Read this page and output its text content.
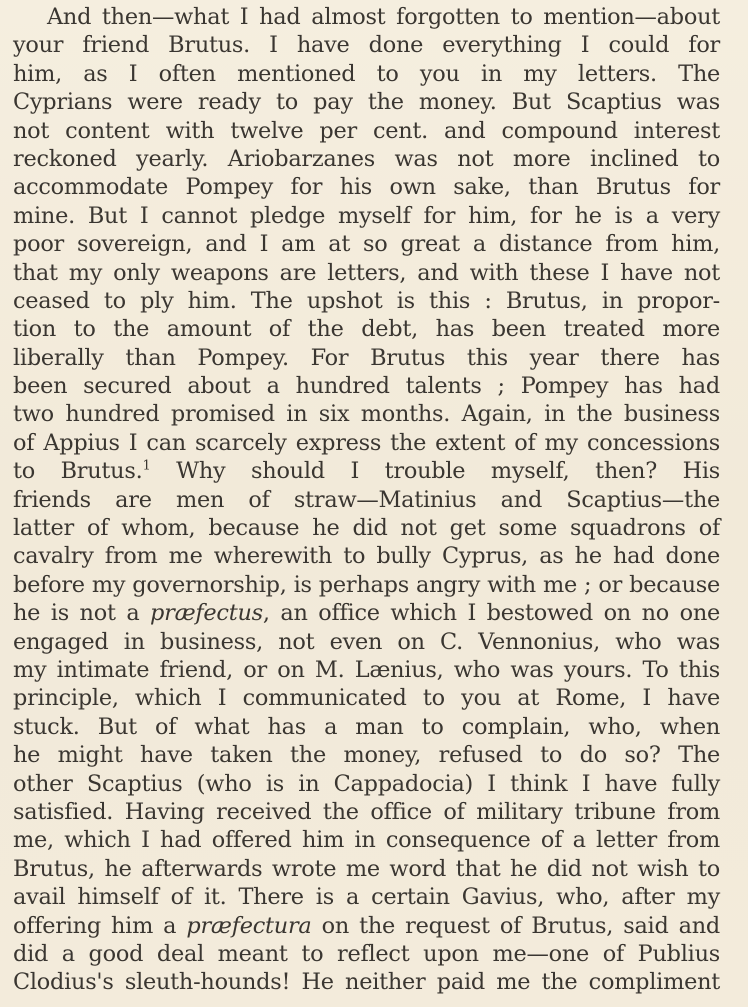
And then—what I had almost forgotten to mention—about
your friend Brutus. I have done everything I could for
him, as I often mentioned to you in my letters. The
Cyprians were ready to pay the money. But Scaptius was
not content with twelve per cent. and compound interest
reckoned yearly. Ariobarzanes was not more inclined to
accommodate Pompey for his own sake, than Brutus for
mine. But I cannot pledge myself for him, for he is a very
poor sovereign, and I am at so great a distance from him,
that my only weapons are letters, and with these I have not
ceased to ply him. The upshot is this : Brutus, in propor-
tion to the amount of the debt, has been treated more
liberally than Pompey. For Brutus this year there has
been secured about a hundred talents ; Pompey has had
two hundred promised in six months. Again, in the business
of Appius I can scarcely express the extent of my concessions
to Brutus.$^1$ Why should I trouble myself, then? His
friends are men of straw—Matinius and Scaptius—the
latter of whom, because he did not get some squadrons of
cavalry from me wherewith to bully Cyprus, as he had done
before my governorship, is perhaps angry with me ; or because
he is not a præfectus, an office which I bestowed on no one
engaged in business, not even on C. Vennonius, who was
my intimate friend, or on M. Lænius, who was yours. To this
principle, which I communicated to you at Rome, I have
stuck. But of what has a man to complain, who, when
he might have taken the money, refused to do so? The
other Scaptius (who is in Cappadocia) I think I have fully
satisfied. Having received the office of military tribune from
me, which I had offered him in consequence of a letter from
Brutus, he afterwards wrote me word that he did not wish to
avail himself of it. There is a certain Gavius, who, after my
offering him a præfectura on the request of Brutus, said and
did a good deal meant to reflect upon me—one of Publius
Clodius's sleuth-hounds! He neither paid me the compliment
